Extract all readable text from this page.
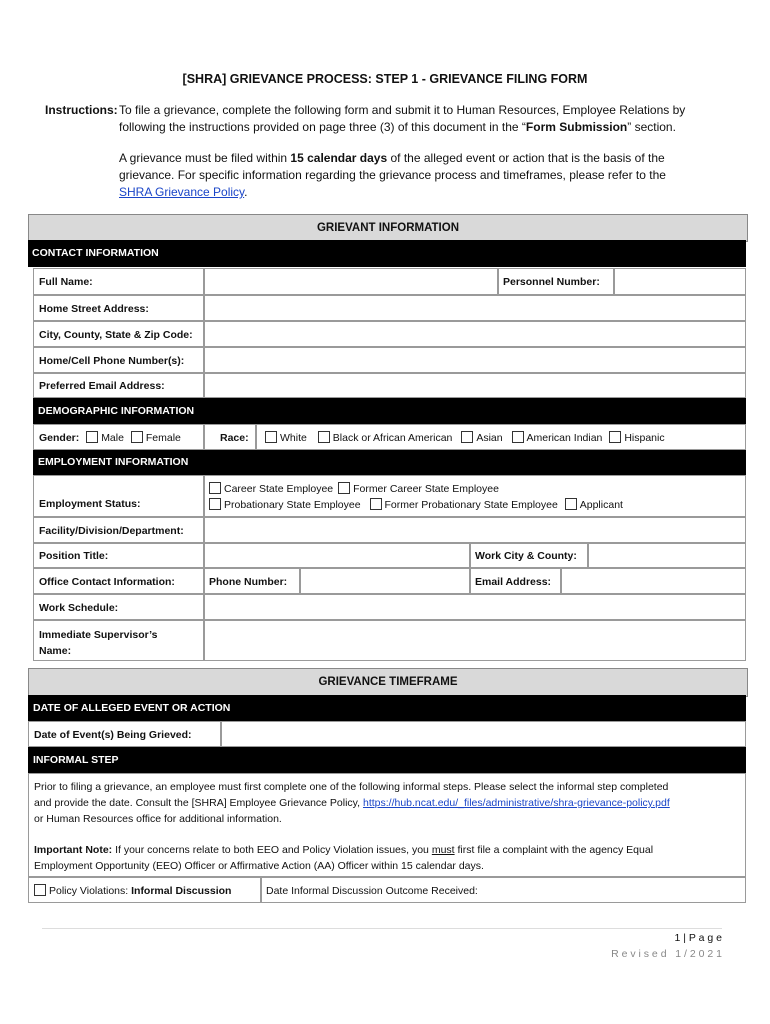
[SHRA] GRIEVANCE PROCESS: STEP 1 - GRIEVANCE FILING FORM
Instructions: To file a grievance, complete the following form and submit it to Human Resources, Employee Relations by
following the instructions provided on page three (3) of this document in the “Form Submission” section.
A grievance must be filed within 15 calendar days of the alleged event or action that is the basis of the
grievance. For specific information regarding the grievance process and timeframes, please refer to the
SHRA Grievance Policy.
GRIEVANT INFORMATION
CONTACT INFORMATION
Full Name:	Personnel Number:
Home Street Address:
City, County, State & Zip Code:
Home/Cell Phone Number(s):
Preferred Email Address:
DEMOGRAPHIC INFORMATION
Gender: Male Female	Race:	White Black or African American Asian American Indian Hispanic
EMPLOYMENT INFORMATION
Employment Status:
Career State Employee Former Career State Employee
Probationary State Employee Former Probationary State Employee Applicant
Facility/Division/Department:
Position Title:	Work City & County:
Office Contact Information:	Phone Number:	Email Address:
Work Schedule:
Immediate Supervisor’s
Name:
GRIEVANCE TIMEFRAME
DATE OF ALLEGED EVENT OR ACTION
Date of Event(s) Being Grieved:
INFORMAL STEP
Prior to filing a grievance, an employee must first complete one of the following informal steps. Please select the informal step completed
and provide the date. Consult the [SHRA] Employee Grievance Policy, https://hub.ncat.edu/_files/administrative/shra-grievance-policy.pdf
or Human Resources office for additional information.
Important Note: If your concerns relate to both EEO and Policy Violation issues, you must first file a complaint with the agency Equal
Employment Opportunity (EEO) Officer or Affirmative Action (AA) Officer within 15 calendar days.
Policy Violations: Informal Discussion	Date Informal Discussion Outcome Received:
1 | P a g e
R e v i s e d   1 / 2 0 2 1
